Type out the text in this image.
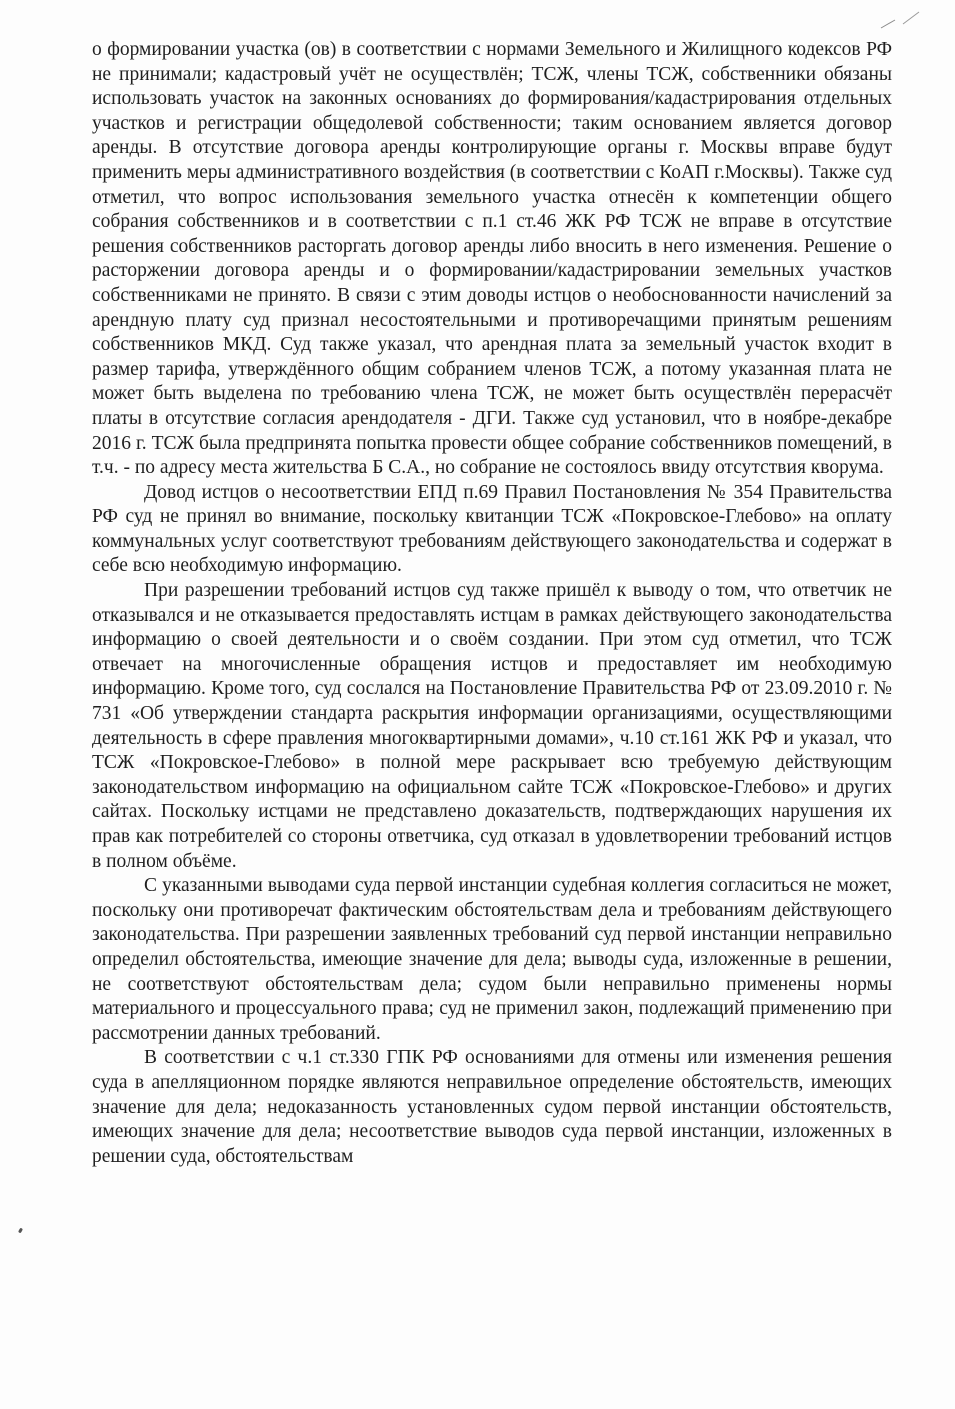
о формировании участка (ов) в соответствии с нормами Земельного и Жилищного кодексов РФ не принимали; кадастровый учёт не осуществлён; ТСЖ, члены ТСЖ, собственники обязаны использовать участок на законных основаниях до формирования/кадастрирования отдельных участков и регистрации общедолевой собственности; таким основанием является договор аренды. В отсутствие договора аренды контролирующие органы г. Москвы вправе будут применить меры административного воздействия (в соответствии с КоАП г.Москвы). Также суд отметил, что вопрос использования земельного участка отнесён к компетенции общего собрания собственников и в соответствии с п.1 ст.46 ЖК РФ ТСЖ не вправе в отсутствие решения собственников расторгать договор аренды либо вносить в него изменения. Решение о расторжении договора аренды и о формировании/кадастрировании земельных участков собственниками не принято. В связи с этим доводы истцов о необоснованности начислений за арендную плату суд признал несостоятельными и противоречащими принятым решениям собственников МКД. Суд также указал, что арендная плата за земельный участок входит в размер тарифа, утверждённого общим собранием членов ТСЖ, а потому указанная плата не может быть выделена по требованию члена ТСЖ, не может быть осуществлён перерасчёт платы в отсутствие согласия арендодателя - ДГИ. Также суд установил, что в ноябре-декабре 2016 г. ТСЖ была предпринята попытка провести общее собрание собственников помещений, в т.ч. - по адресу места жительства Б С.А., но собрание не состоялось ввиду отсутствия кворума.

Довод истцов о несоответствии ЕПД п.69 Правил Постановления № 354 Правительства РФ суд не принял во внимание, поскольку квитанции ТСЖ «Покровское-Глебово» на оплату коммунальных услуг соответствуют требованиям действующего законодательства и содержат в себе всю необходимую информацию.

При разрешении требований истцов суд также пришёл к выводу о том, что ответчик не отказывался и не отказывается предоставлять истцам в рамках действующего законодательства информацию о своей деятельности и о своём создании. При этом суд отметил, что ТСЖ отвечает на многочисленные обращения истцов и предоставляет им необходимую информацию. Кроме того, суд сослался на Постановление Правительства РФ от 23.09.2010 г. № 731 «Об утверждении стандарта раскрытия информации организациями, осуществляющими деятельность в сфере правления многоквартирными домами», ч.10 ст.161 ЖК РФ и указал, что ТСЖ «Покровское-Глебово» в полной мере раскрывает всю требуемую действующим законодательством информацию на официальном сайте ТСЖ «Покровское-Глебово» и других сайтах. Поскольку истцами не представлено доказательств, подтверждающих нарушения их прав как потребителей со стороны ответчика, суд отказал в удовлетворении требований истцов в полном объёме.

С указанными выводами суда первой инстанции судебная коллегия согласиться не может, поскольку они противоречат фактическим обстоятельствам дела и требованиям действующего законодательства. При разрешении заявленных требований суд первой инстанции неправильно определил обстоятельства, имеющие значение для дела; выводы суда, изложенные в решении, не соответствуют обстоятельствам дела; судом были неправильно применены нормы материального и процессуального права; суд не применил закон, подлежащий применению при рассмотрении данных требований.

В соответствии с ч.1 ст.330 ГПК РФ основаниями для отмены или изменения решения суда в апелляционном порядке являются неправильное определение обстоятельств, имеющих значение для дела; недоказанность установленных судом первой инстанции обстоятельств, имеющих значение для дела; несоответствие выводов суда первой инстанции, изложенных в решении суда, обстоятельствам
